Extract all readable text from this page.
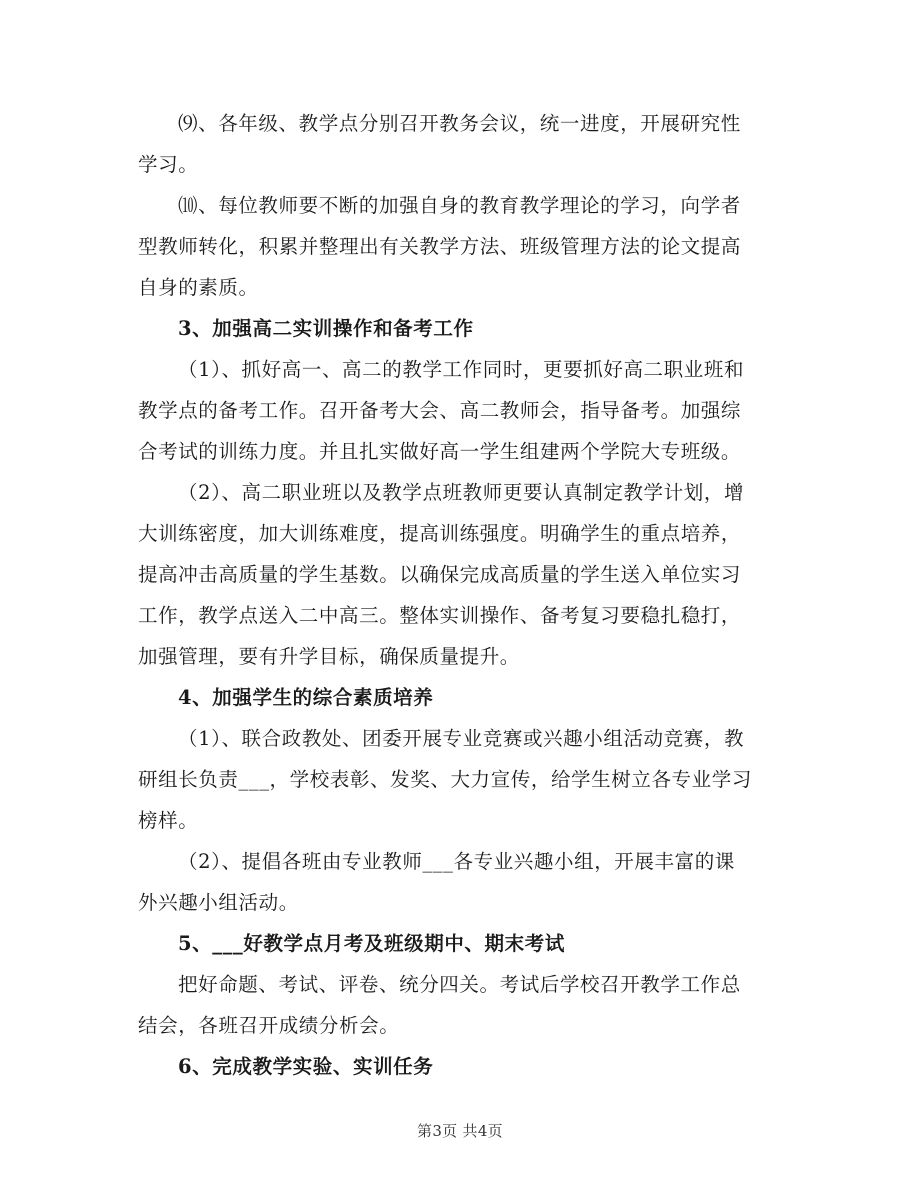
⑼、各年级、教学点分别召开教务会议，统一进度，开展研究性
学习。
⑽、每位教师要不断的加强自身的教育教学理论的学习，向学者
型教师转化，积累并整理出有关教学方法、班级管理方法的论文提高
自身的素质。
3、加强高二实训操作和备考工作
（1）、抓好高一、高二的教学工作同时，更要抓好高二职业班和
教学点的备考工作。召开备考大会、高二教师会，指导备考。加强综
合考试的训练力度。并且扎实做好高一学生组建两个学院大专班级。
（2）、高二职业班以及教学点班教师更要认真制定教学计划，增
大训练密度，加大训练难度，提高训练强度。明确学生的重点培养，
提高冲击高质量的学生基数。以确保完成高质量的学生送入单位实习
工作，教学点送入二中高三。整体实训操作、备考复习要稳扎稳打，
加强管理，要有升学目标，确保质量提升。
4、加强学生的综合素质培养
（1）、联合政教处、团委开展专业竞赛或兴趣小组活动竞赛，教
研组长负责___，学校表彰、发奖、大力宣传，给学生树立各专业学习
榜样。
（2）、提倡各班由专业教师___各专业兴趣小组，开展丰富的课
外兴趣小组活动。
5、___好教学点月考及班级期中、期末考试
把好命题、考试、评卷、统分四关。考试后学校召开教学工作总
结会，各班召开成绩分析会。
6、完成教学实验、实训任务
第3页 共4页
